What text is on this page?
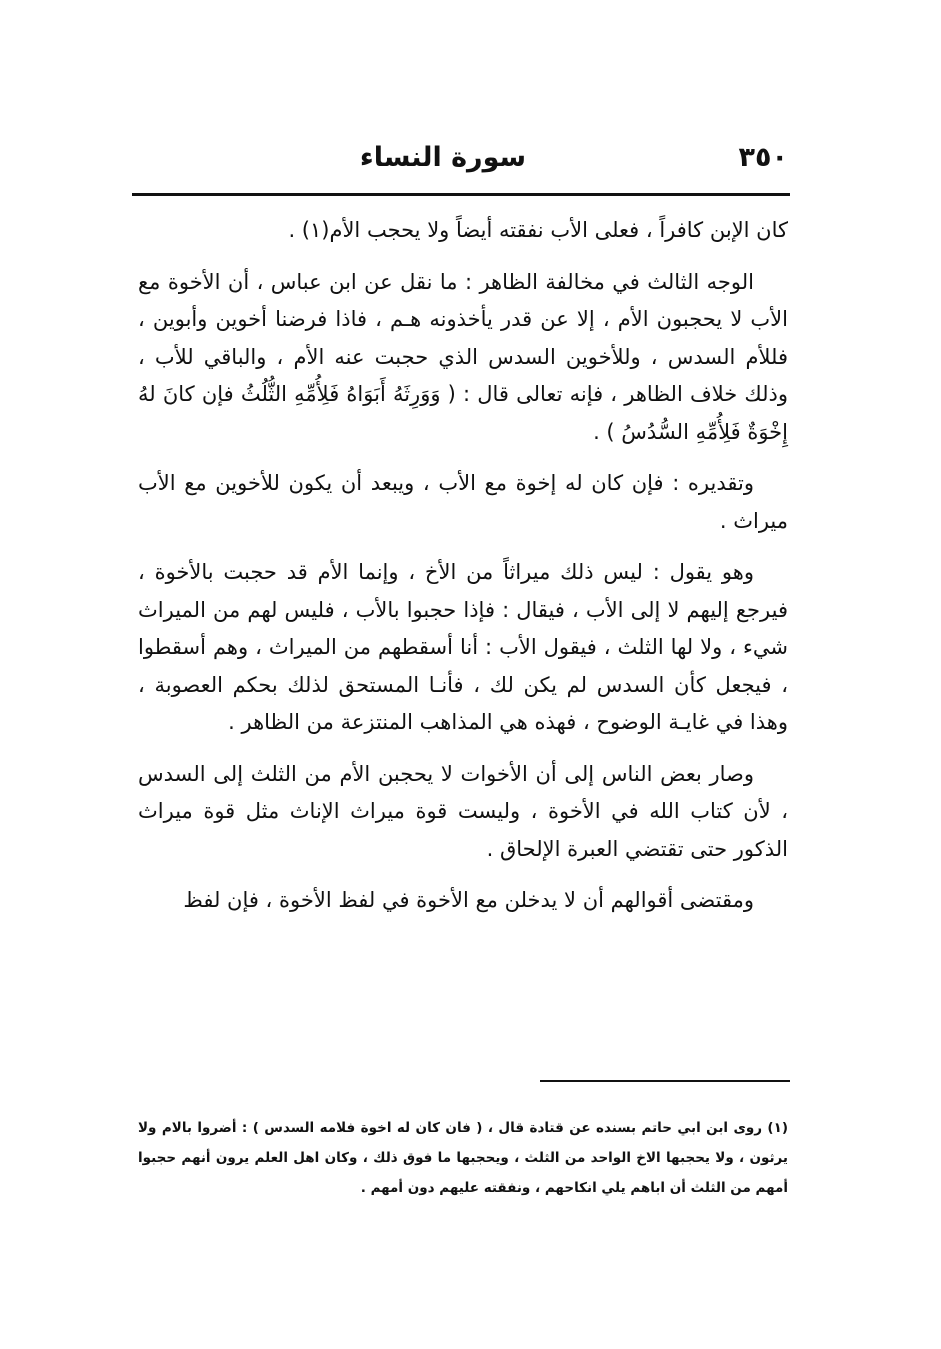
٣٥٠
سورة النساء

كان الإبن كافراً ، فعلى الأب نفقته أيضاً ولا يحجب الأم(١) .

الوجه الثالث في مخالفة الظاهر : ما نقل عن ابن عباس ، أن الأخوة مع الأب لا يحجبون الأم ، إلا عن قدر يأخذونه هـم ، فاذا فرضنا أخوين وأبوين ، فللأم السدس ، وللأخوين السدس الذي حجبت عنه الأم ، والباقي للأب ، وذلك خلاف الظاهر ، فإنه تعالى قال : ( وَوَرِثَهُ أَبَوَاهُ فَلِأُمِّهِ الثُّلُثُ فإن كانَ لهُ إِخْوَةٌ فَلِأُمِّهِ السُّدُسُ ) .

وتقديره : فإن كان له إخوة مع الأب ، ويبعد أن يكون للأخوين مع الأب ميراث .

وهو يقول : ليس ذلك ميراثاً من الأخ ، وإنما الأم قد حجبت بالأخوة ، فيرجع إليهم لا إلى الأب ، فيقال : فإذا حجبوا بالأب ، فليس لهم من الميراث شيء ، ولا لها الثلث ، فيقول الأب : أنا أسقطهم من الميراث ، وهم أسقطوا ، فيجعل كأن السدس لم يكن لك ، فأنـا المستحق لذلك بحكم العصوبة ، وهذا في غايـة الوضوح ، فهذه هي المذاهب المنتزعة من الظاهر .

وصار بعض الناس إلى أن الأخوات لا يحجبن الأم من الثلث إلى السدس ، لأن كتاب الله في الأخوة ، وليست قوة ميراث الإناث مثل قوة ميراث الذكور حتى تقتضي العبرة الإلحاق .

ومقتضى أقوالهم أن لا يدخلن مع الأخوة في لفظ الأخوة ، فإن لفظ

(١) روى ابن ابي حاتم بسنده عن قتادة قال ، ( فان كان له اخوة فلامه السدس ) : أضروا بالام ولا يرثون ، ولا يحجبها الاخ الواحد من الثلث ، ويحجبها ما فوق ذلك ، وكان اهل العلم يرون أنهم حجبوا أمهم من الثلث أن اباهم يلي انكاحهم ، ونفقته عليهم دون أمهم .
